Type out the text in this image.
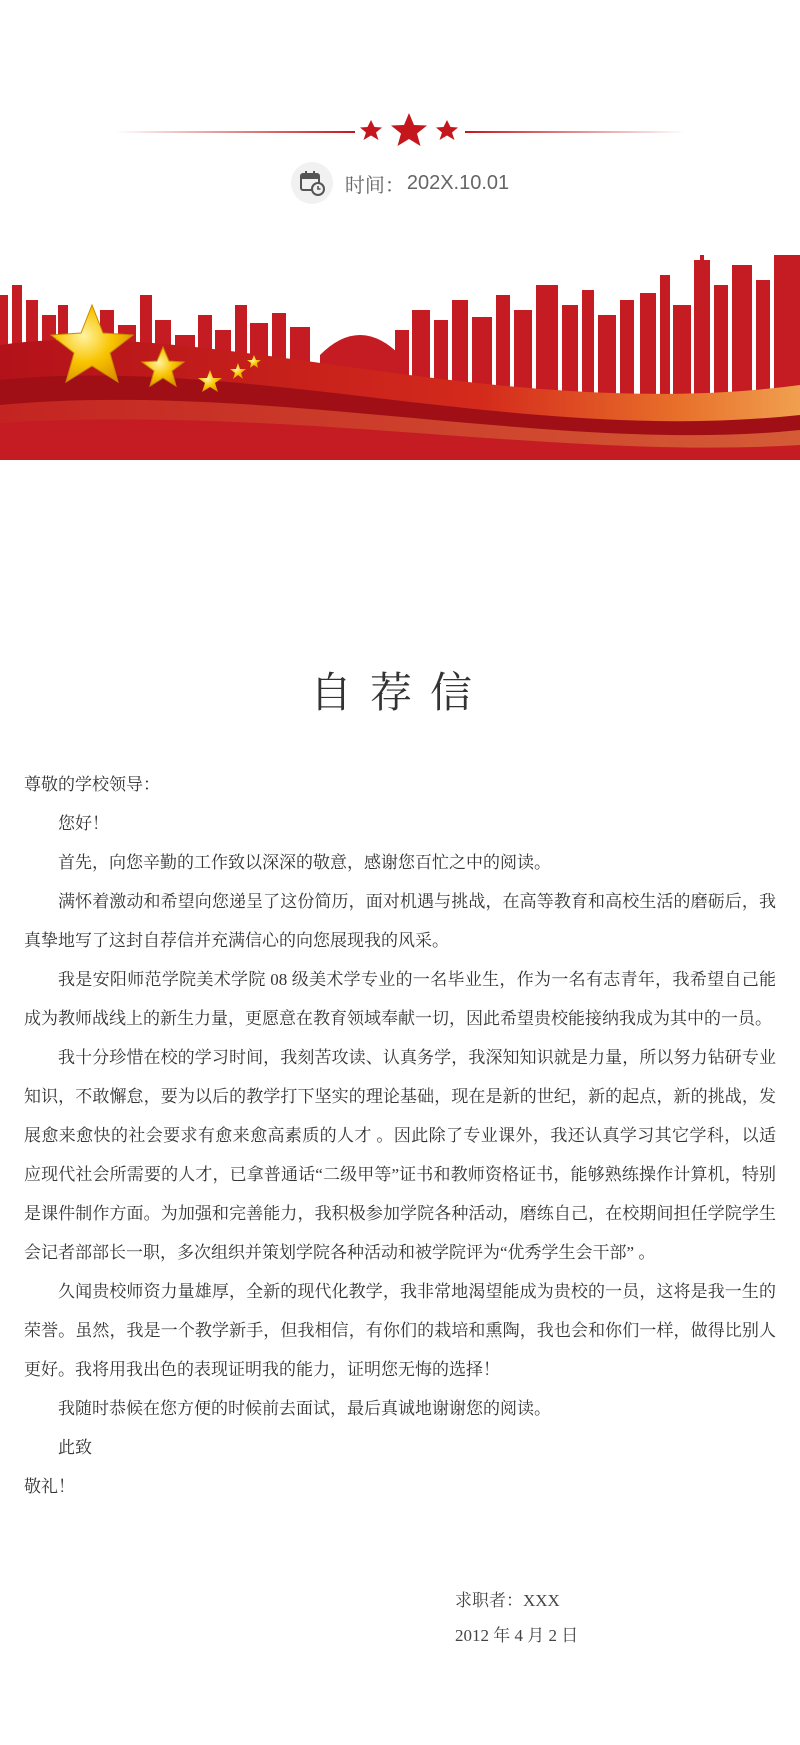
时间： 202X.10.01
自荐信

尊敬的学校领导：

您好！

首先，向您辛勤的工作致以深深的敬意，感谢您百忙之中的阅读。

满怀着激动和希望向您递呈了这份简历，面对机遇与挑战，在高等教育和高校生活的磨砺后，我真挚地写了这封自荐信并充满信心的向您展现我的风采。

我是安阳师范学院美术学院 08 级美术学专业的一名毕业生，作为一名有志青年，我希望自己能成为教师战线上的新生力量，更愿意在教育领域奉献一切，因此希望贵校能接纳我成为其中的一员。

我十分珍惜在校的学习时间，我刻苦攻读、认真务学，我深知知识就是力量，所以努力钻研专业知识，不敢懈怠，要为以后的教学打下坚实的理论基础，现在是新的世纪，新的起点，新的挑战，发展愈来愈快的社会要求有愈来愈高素质的人才 。因此除了专业课外，我还认真学习其它学科，以适应现代社会所需要的人才，已拿普通话“二级甲等”证书和教师资格证书，能够熟练操作计算机，特别是课件制作方面。为加强和完善能力，我积极参加学院各种活动，磨练自己，在校期间担任学院学生会记者部部长一职，多次组织并策划学院各种活动和被学院评为“优秀学生会干部” 。

久闻贵校师资力量雄厚，全新的现代化教学，我非常地渴望能成为贵校的一员，这将是我一生的荣誉。虽然，我是一个教学新手，但我相信，有你们的栽培和熏陶，我也会和你们一样，做得比别人更好。我将用我出色的表现证明我的能力，证明您无悔的选择！

我随时恭候在您方便的时候前去面试，最后真诚地谢谢您的阅读。

此致

敬礼！

求职者：XXX
2012 年 4 月 2 日
